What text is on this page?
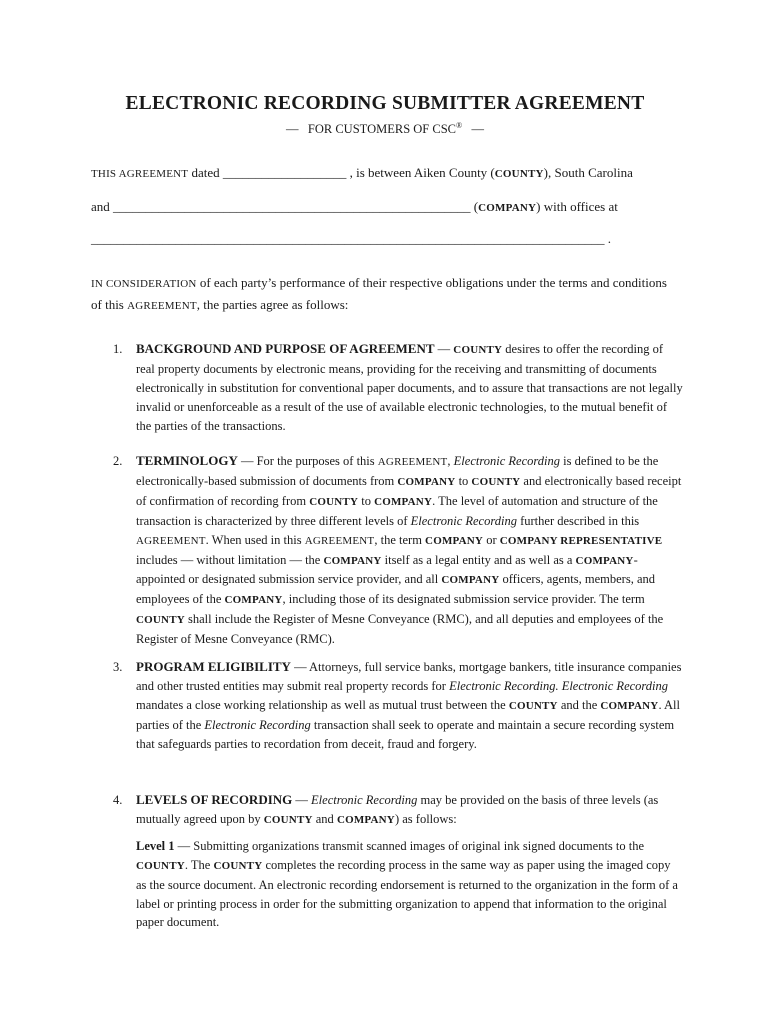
ELECTRONIC RECORDING SUBMITTER AGREEMENT
— FOR CUSTOMERS OF CSC® —
THIS AGREEMENT dated ___________________ , is between Aiken County (COUNTY), South Carolina
and _______________________________________________________ (COMPANY) with offices at
_______________________________________________________________________________ .
IN CONSIDERATION of each party’s performance of their respective obligations under the terms and conditions of this AGREEMENT, the parties agree as follows:
1. BACKGROUND AND PURPOSE OF AGREEMENT — COUNTY desires to offer the recording of real property documents by electronic means, providing for the receiving and transmitting of documents electronically in substitution for conventional paper documents, and to assure that transactions are not legally invalid or unenforceable as a result of the use of available electronic technologies, to the mutual benefit of the parties of the transactions.

2. TERMINOLOGY — For the purposes of this AGREEMENT, Electronic Recording is defined to be the electronically-based submission of documents from COMPANY to COUNTY and electronically based receipt of confirmation of recording from COUNTY to COMPANY. The level of automation and structure of the transaction is characterized by three different levels of Electronic Recording further described in this AGREEMENT. When used in this AGREEMENT, the term COMPANY or COMPANY REPRESENTATIVE includes — without limitation — the COMPANY itself as a legal entity and as well as a COMPANY-appointed or designated submission service provider, and all COMPANY officers, agents, members, and employees of the COMPANY, including those of its designated submission service provider. The term COUNTY shall include the Register of Mesne Conveyance (RMC), and all deputies and employees of the Register of Mesne Conveyance (RMC).

3. PROGRAM ELIGIBILITY — Attorneys, full service banks, mortgage bankers, title insurance companies and other trusted entities may submit real property records for Electronic Recording. Electronic Recording mandates a close working relationship as well as mutual trust between the COUNTY and the COMPANY. All parties of the Electronic Recording transaction shall seek to operate and maintain a secure recording system that safeguards parties to recordation from deceit, fraud and forgery.

4. LEVELS OF RECORDING — Electronic Recording may be provided on the basis of three levels (as mutually agreed upon by COUNTY and COMPANY) as follows:

Level 1 — Submitting organizations transmit scanned images of original ink signed documents to the COUNTY. The COUNTY completes the recording process in the same way as paper using the imaged copy as the source document. An electronic recording endorsement is returned to the organization in the form of a label or printing process in order for the submitting organization to append that information to the original paper document.
